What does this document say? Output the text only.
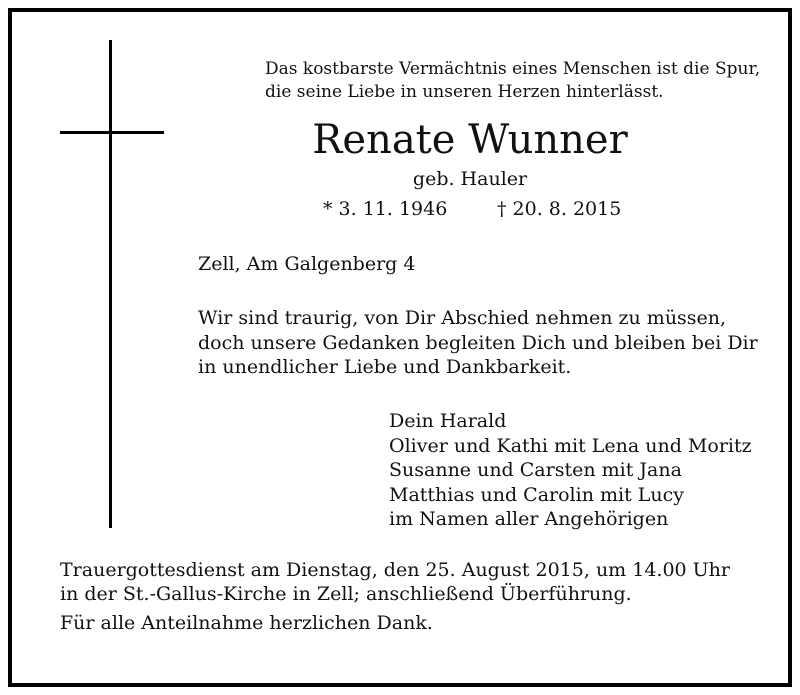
Das kostbarste Vermächtnis eines Menschen ist die Spur,
die seine Liebe in unseren Herzen hinterlässt.
Renate Wunner
geb. Hauler
* 3. 11. 1946	† 20. 8. 2015
Zell, Am Galgenberg 4
Wir sind traurig, von Dir Abschied nehmen zu müssen,
doch unsere Gedanken begleiten Dich und bleiben bei Dir
in unendlicher Liebe und Dankbarkeit.
Dein Harald
Oliver und Kathi mit Lena und Moritz
Susanne und Carsten mit Jana
Matthias und Carolin mit Lucy
im Namen aller Angehörigen
Trauergottesdienst am Dienstag, den 25. August 2015, um 14.00 Uhr
in der St.-Gallus-Kirche in Zell; anschließend Überführung.
Für alle Anteilnahme herzlichen Dank.
